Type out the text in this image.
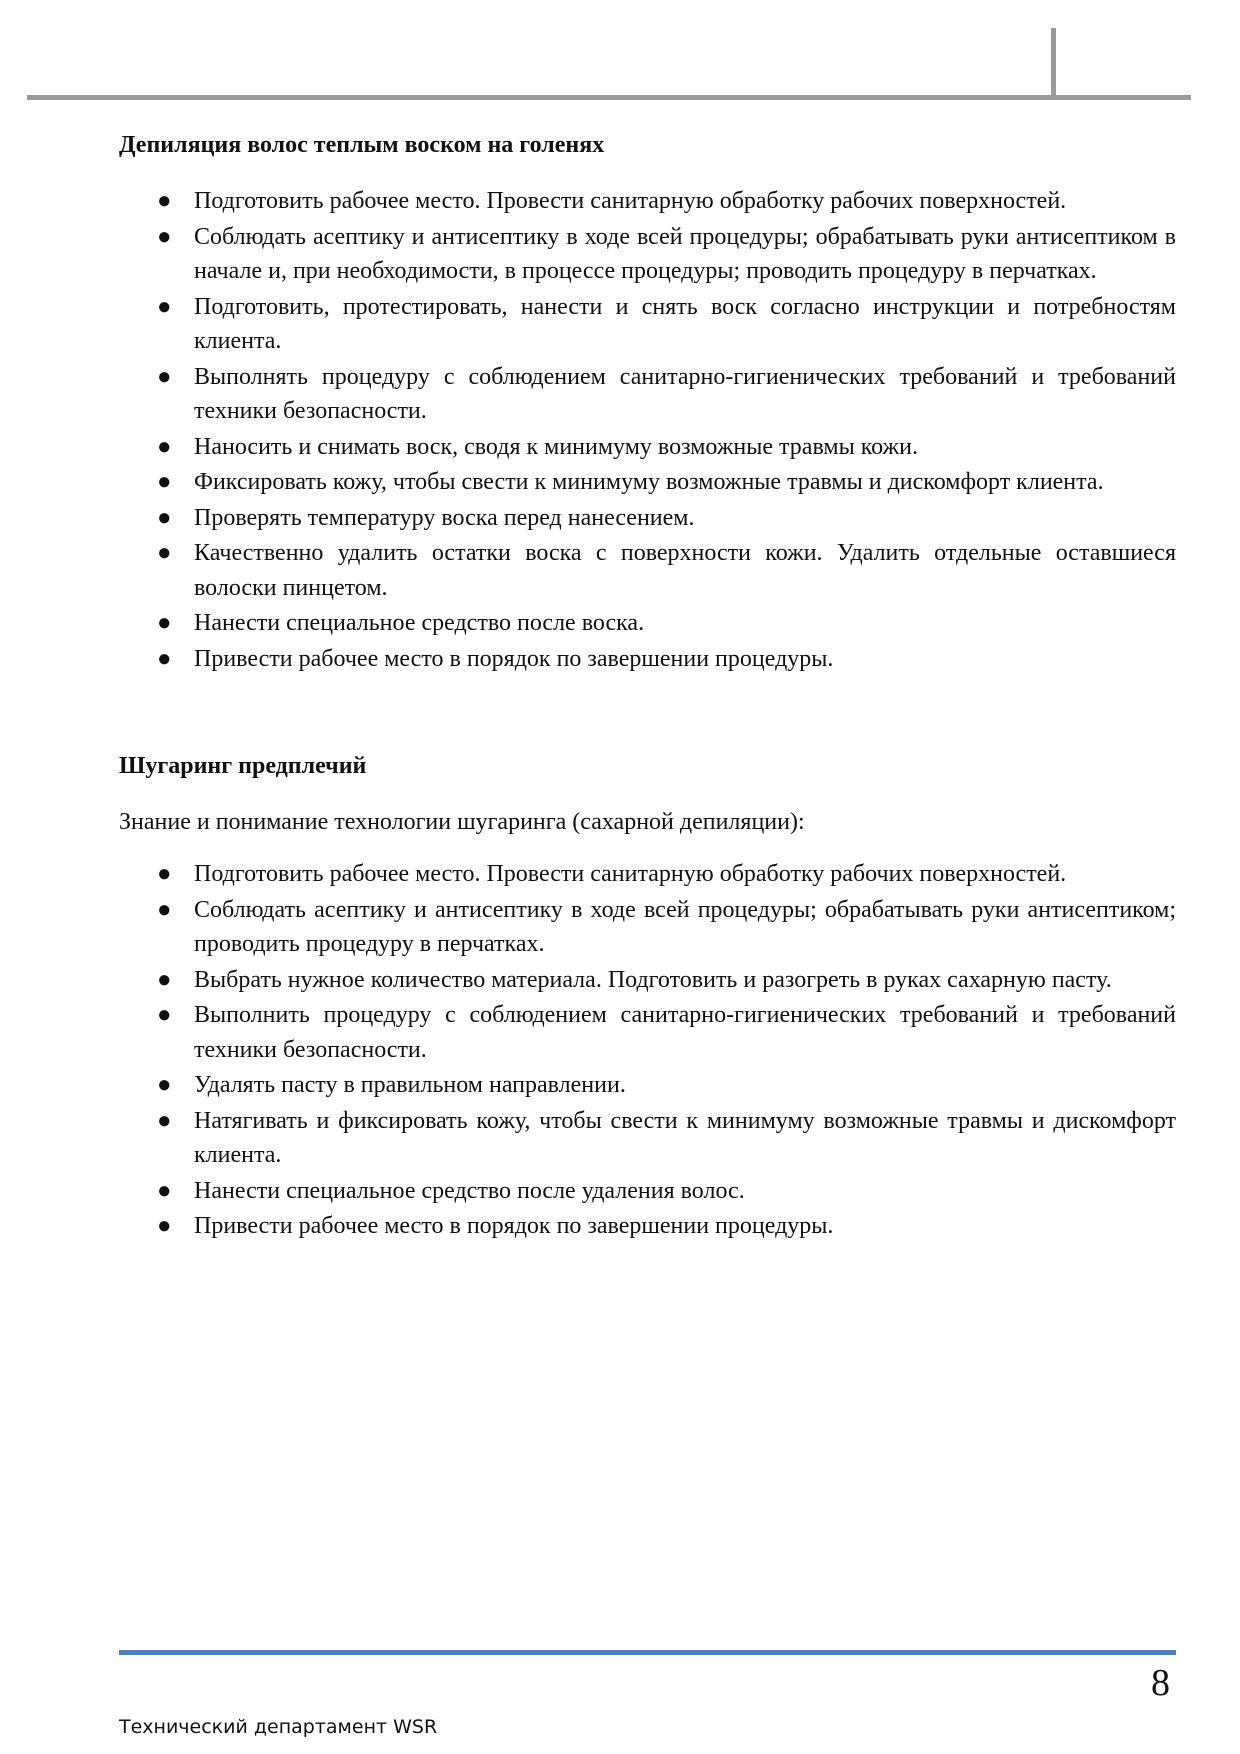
Депиляция волос теплым воском на голенях
● Подготовить рабочее место. Провести санитарную обработку рабочих поверхностей.
● Соблюдать асептику и антисептику в ходе всей процедуры; обрабатывать руки антисептиком в начале и, при необходимости, в процессе процедуры; проводить процедуру в перчатках.
● Подготовить, протестировать, нанести и снять воск согласно инструкции и потребностям клиента.
● Выполнять процедуру с соблюдением санитарно-гигиенических требований и требований техники безопасности.
● Наносить и снимать воск, сводя к минимуму возможные травмы кожи.
● Фиксировать кожу, чтобы свести к минимуму возможные травмы и дискомфорт клиента.
● Проверять температуру воска перед нанесением.
● Качественно удалить остатки воска с поверхности кожи. Удалить отдельные оставшиеся волоски пинцетом.
● Нанести специальное средство после воска.
● Привести рабочее место в порядок по завершении процедуры.
Шугаринг предплечий
Знание и понимание технологии шугаринга (сахарной депиляции):
● Подготовить рабочее место. Провести санитарную обработку рабочих поверхностей.
● Соблюдать асептику и антисептику в ходе всей процедуры; обрабатывать руки антисептиком; проводить процедуру в перчатках.
● Выбрать нужное количество материала. Подготовить и разогреть в руках сахарную пасту.
● Выполнить процедуру с соблюдением санитарно-гигиенических требований и требований техники безопасности.
● Удалять пасту в правильном направлении.
● Натягивать и фиксировать кожу, чтобы свести к минимуму возможные травмы и дискомфорт клиента.
● Нанести специальное средство после удаления волос.
● Привести рабочее место в порядок по завершении процедуры.
8
Технический департамент WSR
